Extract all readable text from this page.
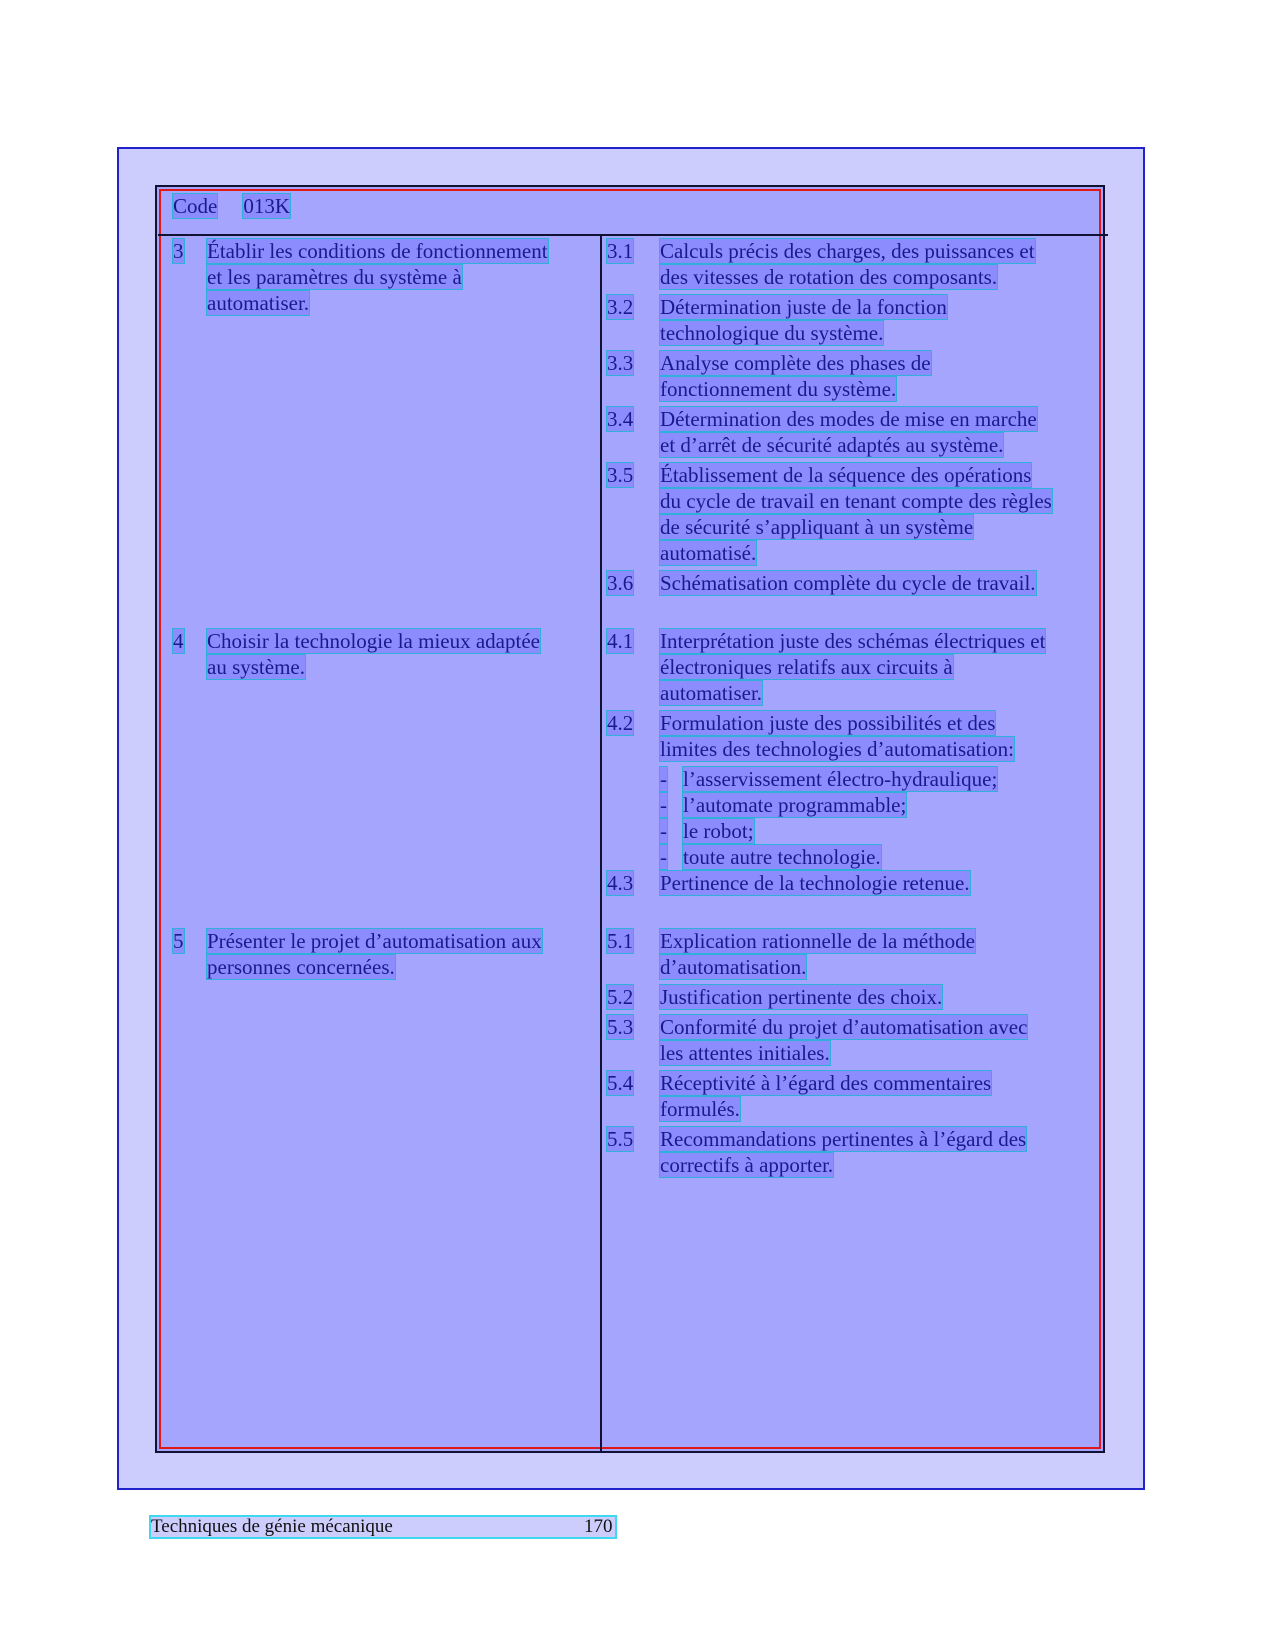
Code 013K
3 Établir les conditions de fonctionnement
et les paramètres du système à
automatiser.
4 Choisir la technologie la mieux adaptée
au système.
5 Présenter le projet d’automatisation aux
personnes concernées.
3.1 Calculs précis des charges, des puissances et
des vitesses de rotation des composants.
3.2 Détermination juste de la fonction
technologique du système.
3.3 Analyse complète des phases de
fonctionnement du système.
3.4 Détermination des modes de mise en marche
et d’arrêt de sécurité adaptés au système.
3.5 Établissement de la séquence des opérations
du cycle de travail en tenant compte des règles
de sécurité s’appliquant à un système
automatisé.
3.6 Schématisation complète du cycle de travail.
4.1 Interprétation juste des schémas électriques et
électroniques relatifs aux circuits à
automatiser.
4.2 Formulation juste des possibilités et des
limites des technologies d’automatisation:
- l’asservissement électro-hydraulique;
- l’automate programmable;
- le robot;
- toute autre technologie.
4.3 Pertinence de la technologie retenue.
5.1 Explication rationnelle de la méthode
d’automatisation.
5.2 Justification pertinente des choix.
5.3 Conformité du projet d’automatisation avec
les attentes initiales.
5.4 Réceptivité à l’égard des commentaires
formulés.
5.5 Recommandations pertinentes à l’égard des
correctifs à apporter.
Techniques de génie mécanique	170
